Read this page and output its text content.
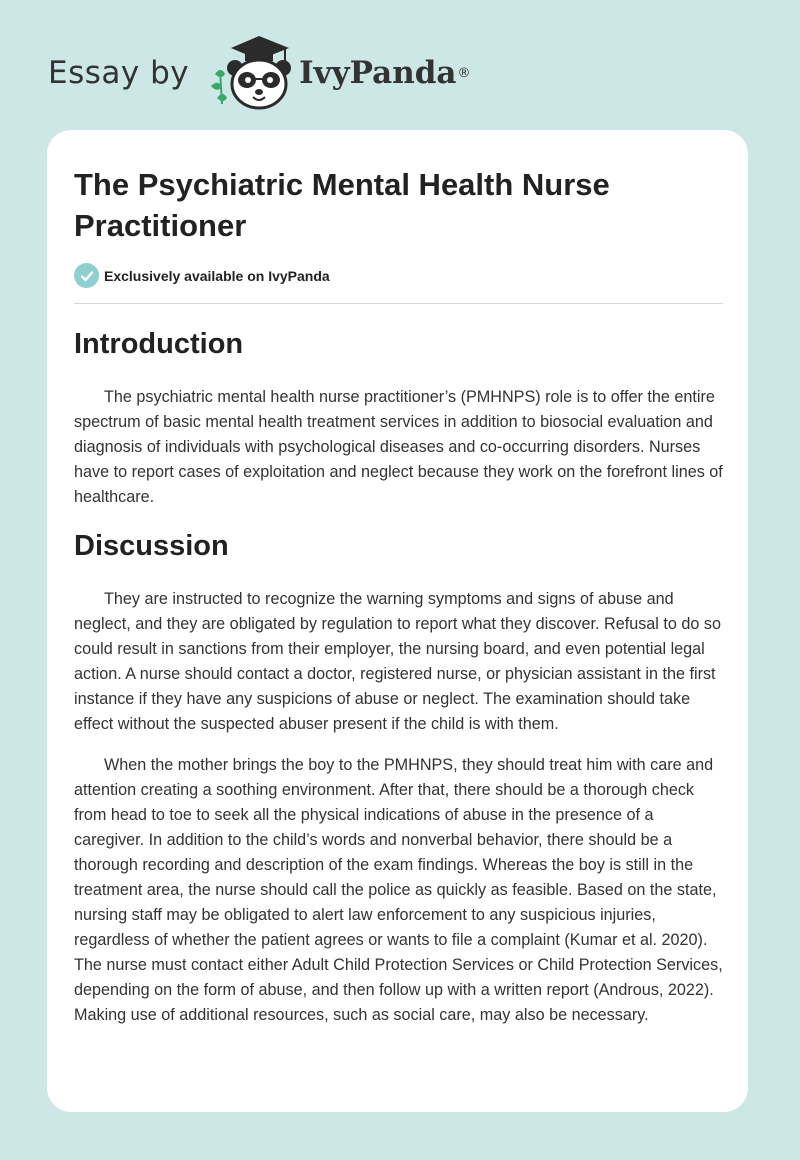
Essay by	IvyPanda ®
The Psychiatric Mental Health Nurse Practitioner
Exclusively available on IvyPanda
Introduction

The psychiatric mental health nurse practitioner’s (PMHNPS) role is to offer the entire spectrum of basic mental health treatment services in addition to biosocial evaluation and diagnosis of individuals with psychological diseases and co-occurring disorders. Nurses have to report cases of exploitation and neglect because they work on the forefront lines of healthcare.

Discussion

They are instructed to recognize the warning symptoms and signs of abuse and neglect, and they are obligated by regulation to report what they discover. Refusal to do so could result in sanctions from their employer, the nursing board, and even potential legal action. A nurse should contact a doctor, registered nurse, or physician assistant in the first instance if they have any suspicions of abuse or neglect. The examination should take effect without the suspected abuser present if the child is with them.

When the mother brings the boy to the PMHNPS, they should treat him with care and attention creating a soothing environment. After that, there should be a thorough check from head to toe to seek all the physical indications of abuse in the presence of a caregiver. In addition to the child’s words and nonverbal behavior, there should be a thorough recording and description of the exam findings. Whereas the boy is still in the treatment area, the nurse should call the police as quickly as feasible. Based on the state, nursing staff may be obligated to alert law enforcement to any suspicious injuries, regardless of whether the patient agrees or wants to file a complaint (Kumar et al. 2020). The nurse must contact either Adult Child Protection Services or Child Protection Services, depending on the form of abuse, and then follow up with a written report (Androus, 2022). Making use of additional resources, such as social care, may also be necessary.
